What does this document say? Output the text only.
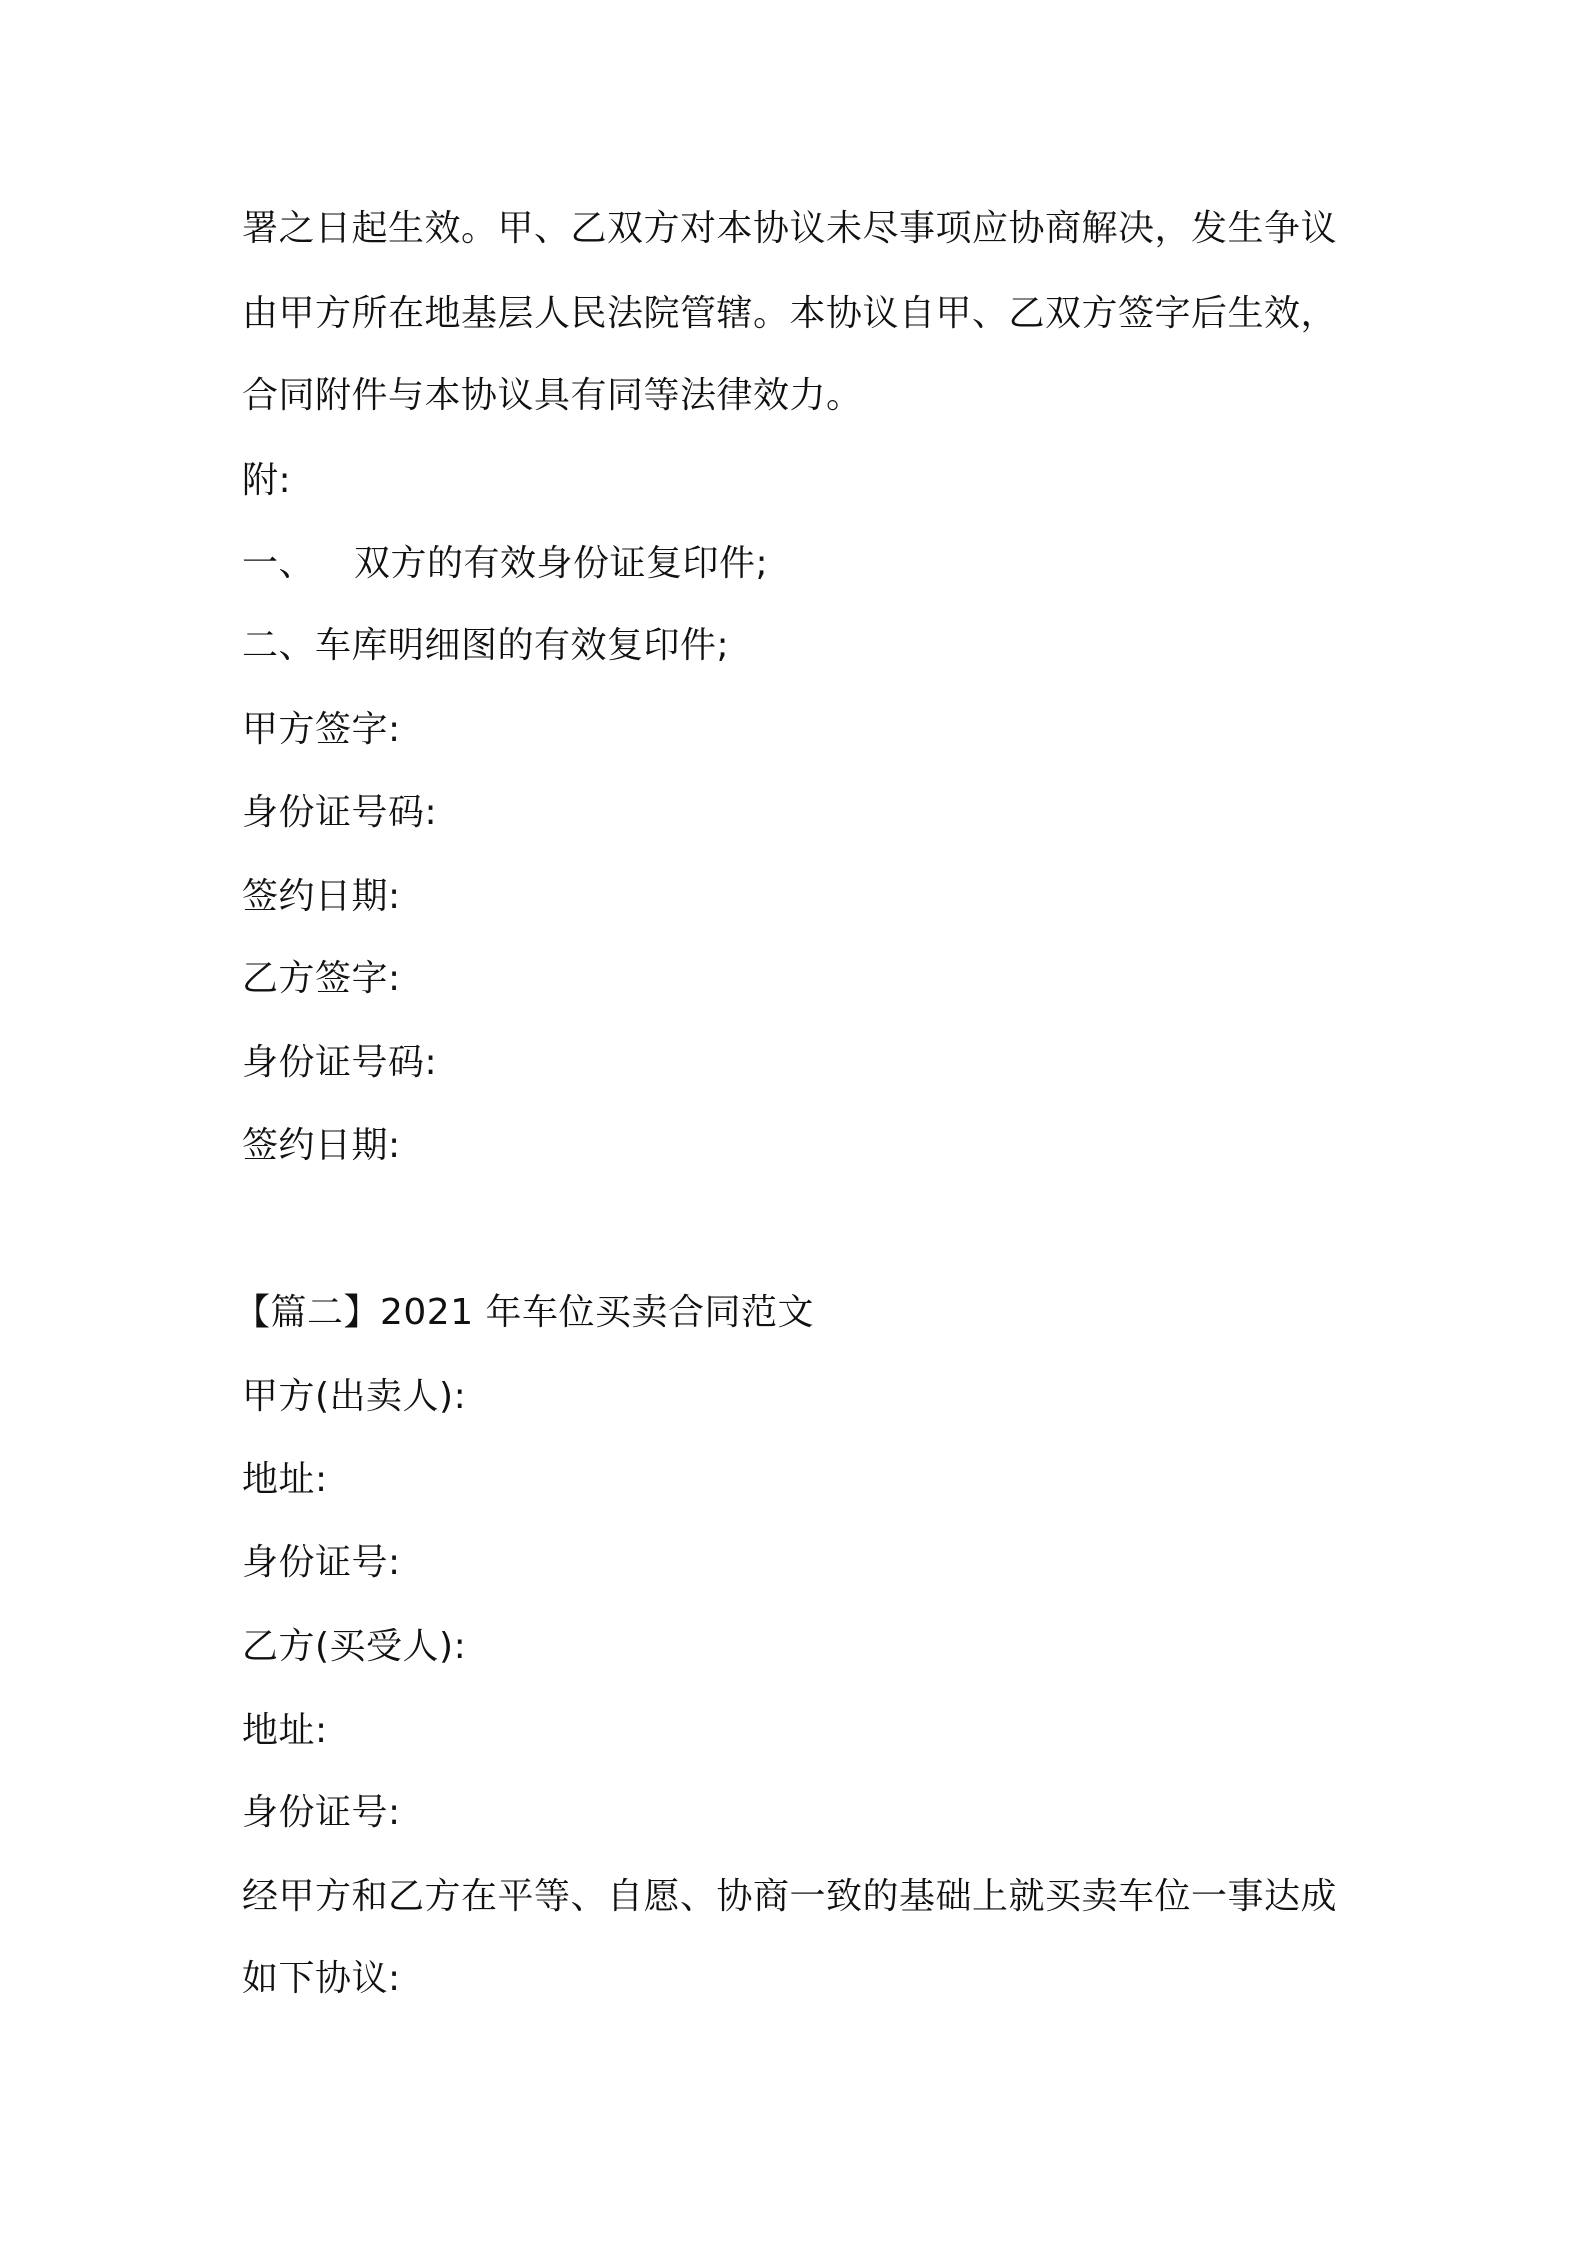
署之日起生效。甲、乙双方对本协议未尽事项应协商解决，发生争议
由甲方所在地基层人民法院管辖。本协议自甲、乙双方签字后生效，
合同附件与本协议具有同等法律效力。
附:
一、 双方的有效身份证复印件;
二、车库明细图的有效复印件;
甲方签字:
身份证号码:
签约日期:
乙方签字:
身份证号码:
签约日期:
【篇二】2021 年车位买卖合同范文
甲方(出卖人):
地址:
身份证号:
乙方(买受人):
地址:
身份证号:
经甲方和乙方在平等、自愿、协商一致的基础上就买卖车位一事达成
如下协议:
